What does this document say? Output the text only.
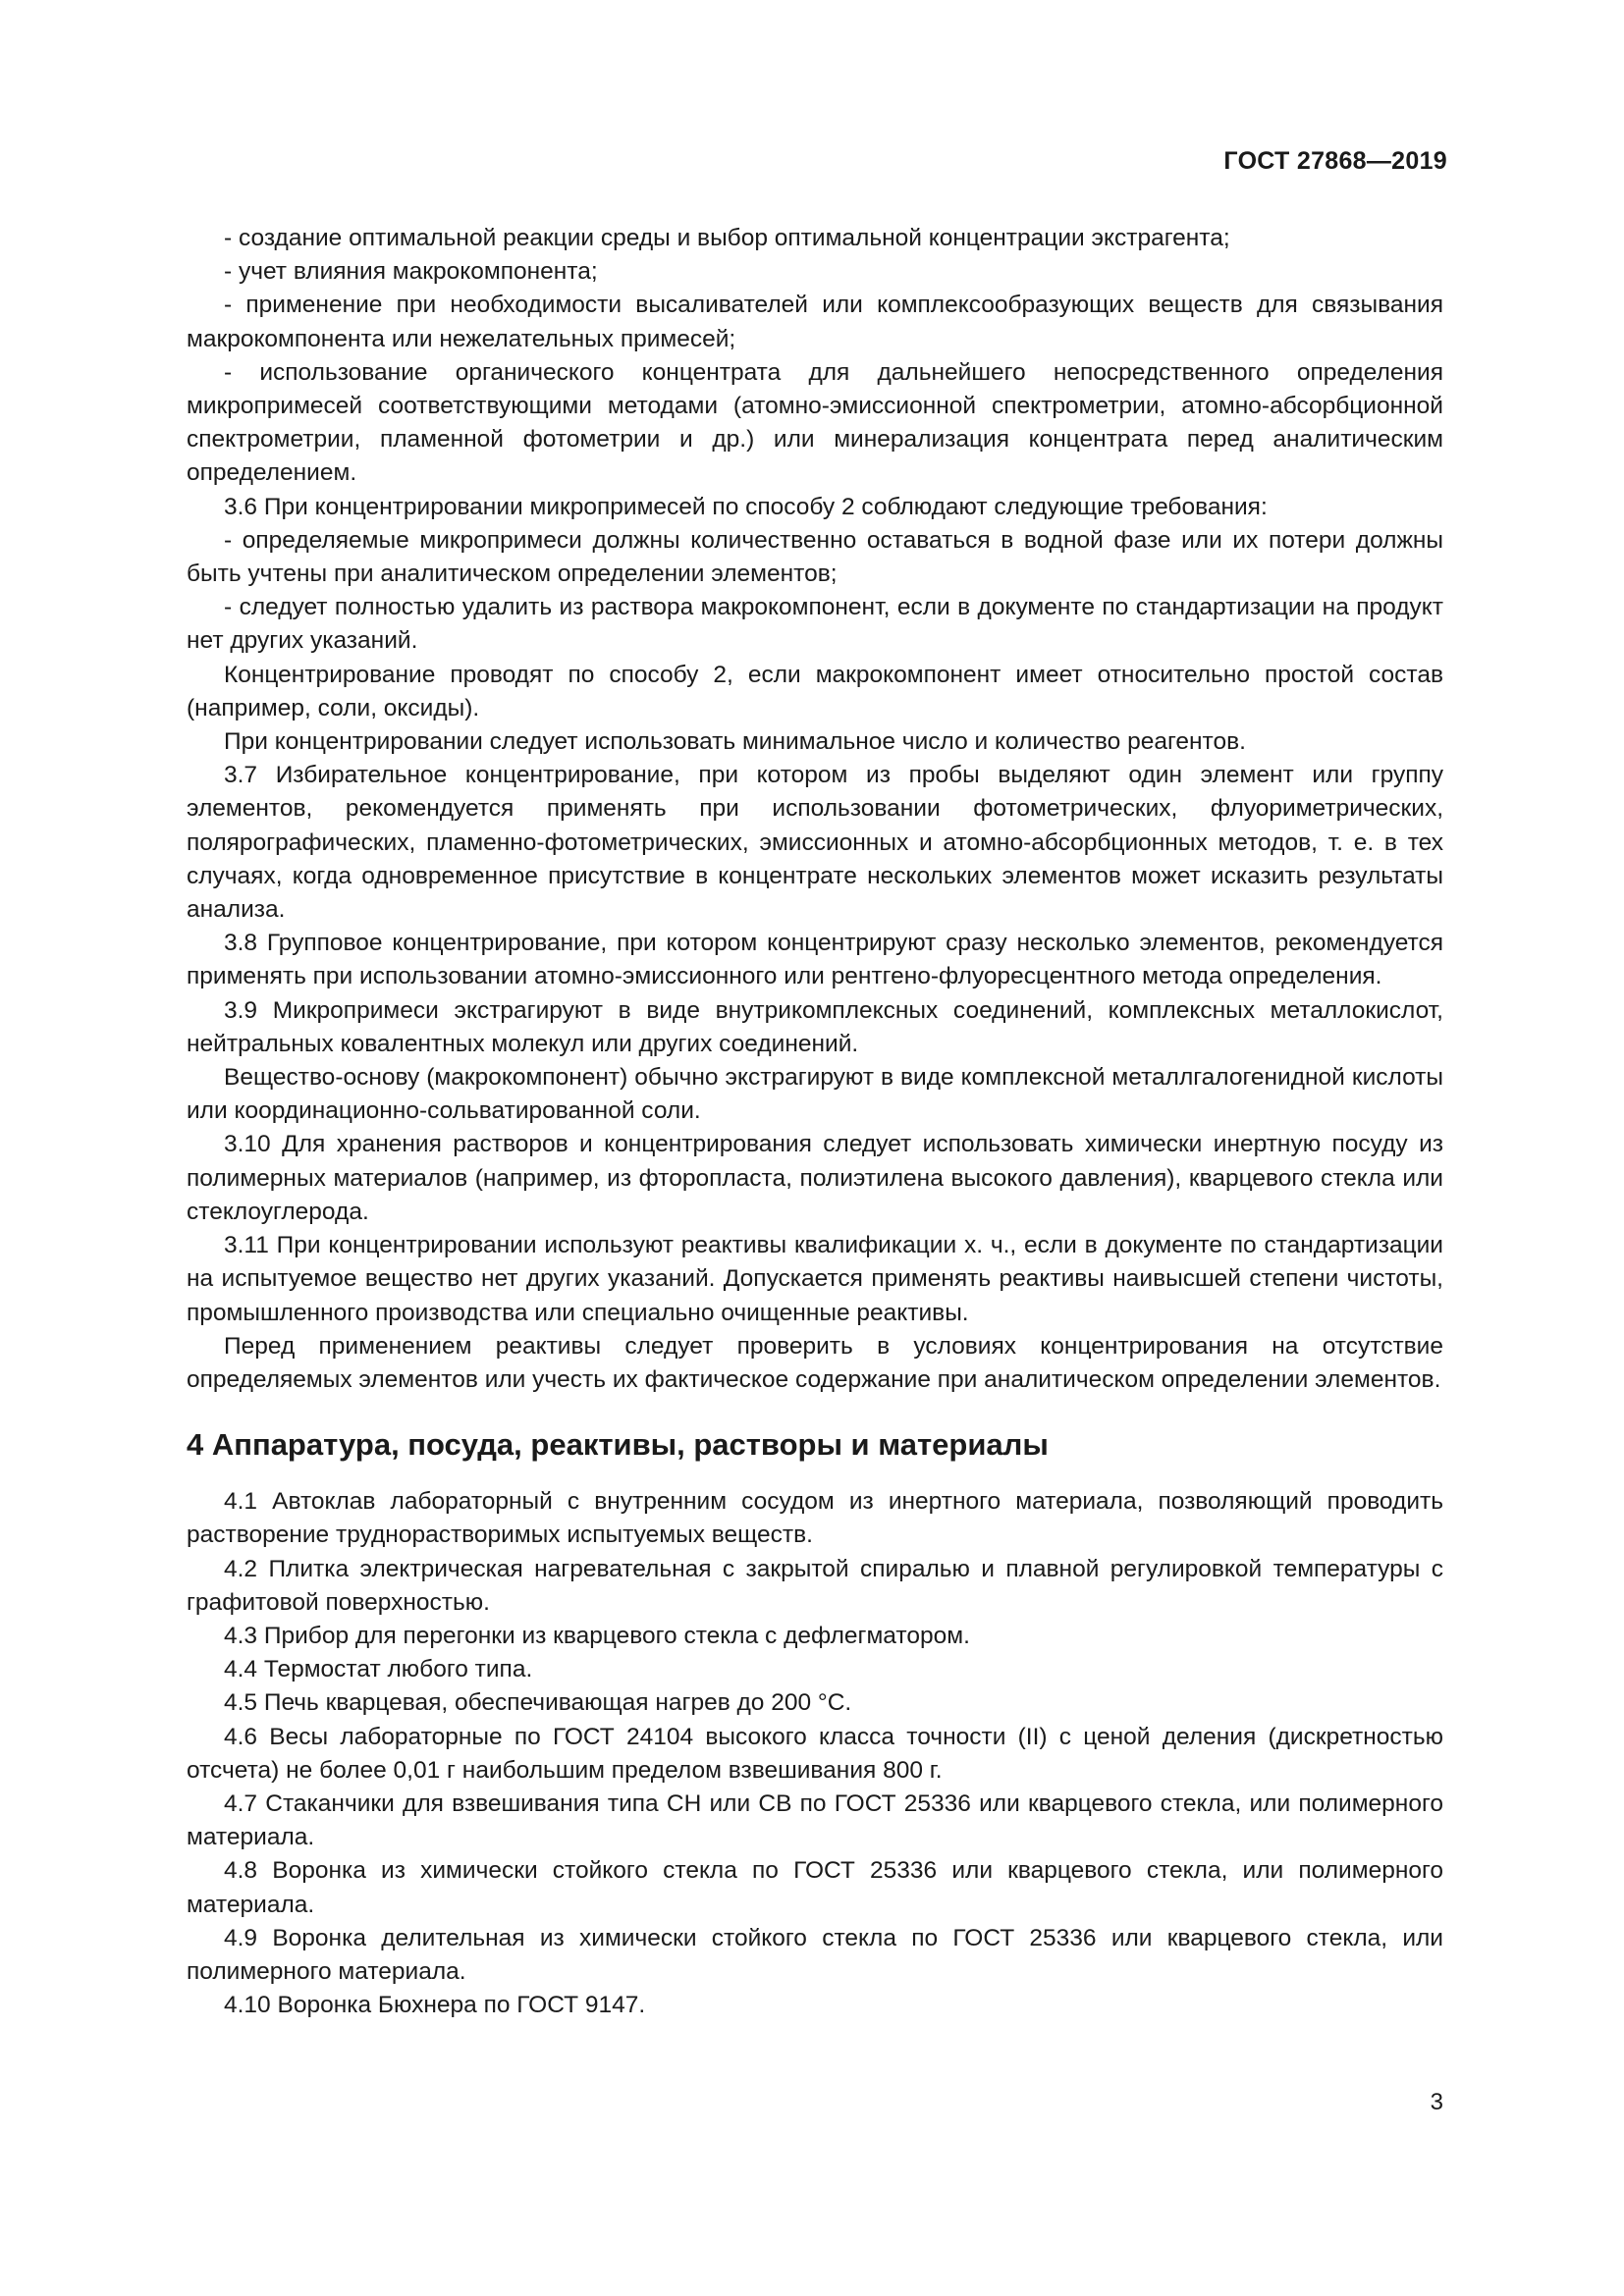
ГОСТ 27868—2019

- создание оптимальной реакции среды и выбор оптимальной концентрации экстрагента;

- учет влияния макрокомпонента;

- применение при необходимости высаливателей или комплексообразующих веществ для связывания макрокомпонента или нежелательных примесей;

- использование органического концентрата для дальнейшего непосредственного определения микропримесей соответствующими методами (атомно-эмиссионной спектрометрии, атомно-абсорбционной спектрометрии, пламенной фотометрии и др.) или минерализация концентрата перед аналитическим определением.

3.6 При концентрировании микропримесей по способу 2 соблюдают следующие требования:

- определяемые микропримеси должны количественно оставаться в водной фазе или их потери должны быть учтены при аналитическом определении элементов;

- следует полностью удалить из раствора макрокомпонент, если в документе по стандартизации на продукт нет других указаний.

Концентрирование проводят по способу 2, если макрокомпонент имеет относительно простой состав (например, соли, оксиды).

При концентрировании следует использовать минимальное число и количество реагентов.

3.7 Избирательное концентрирование, при котором из пробы выделяют один элемент или группу элементов, рекомендуется применять при использовании фотометрических, флуориметрических, полярографических, пламенно-фотометрических, эмиссионных и атомно-абсорбционных методов, т. е. в тех случаях, когда одновременное присутствие в концентрате нескольких элементов может исказить результаты анализа.

3.8 Групповое концентрирование, при котором концентрируют сразу несколько элементов, рекомендуется применять при использовании атомно-эмиссионного или рентгено-флуоресцентного метода определения.

3.9 Микропримеси экстрагируют в виде внутрикомплексных соединений, комплексных металлокислот, нейтральных ковалентных молекул или других соединений.

Вещество-основу (макрокомпонент) обычно экстрагируют в виде комплексной металлгалогенидной кислоты или координационно-сольватированной соли.

3.10 Для хранения растворов и концентрирования следует использовать химически инертную посуду из полимерных материалов (например, из фторопласта, полиэтилена высокого давления), кварцевого стекла или стеклоуглерода.

3.11 При концентрировании используют реактивы квалификации х. ч., если в документе по стандартизации на испытуемое вещество нет других указаний. Допускается применять реактивы наивысшей степени чистоты, промышленного производства или специально очищенные реактивы.

Перед применением реактивы следует проверить в условиях концентрирования на отсутствие определяемых элементов или учесть их фактическое содержание при аналитическом определении элементов.

4 Аппаратура, посуда, реактивы, растворы и материалы

4.1 Автоклав лабораторный с внутренним сосудом из инертного материала, позволяющий проводить растворение труднорастворимых испытуемых веществ.

4.2 Плитка электрическая нагревательная с закрытой спиралью и плавной регулировкой температуры с графитовой поверхностью.

4.3 Прибор для перегонки из кварцевого стекла с дефлегматором.

4.4 Термостат любого типа.

4.5 Печь кварцевая, обеспечивающая нагрев до 200 °С.

4.6 Весы лабораторные по ГОСТ 24104 высокого класса точности (II) с ценой деления (дискретностью отсчета) не более 0,01 г наибольшим пределом взвешивания 800 г.

4.7 Стаканчики для взвешивания типа СН или СВ по ГОСТ 25336 или кварцевого стекла, или полимерного материала.

4.8 Воронка из химически стойкого стекла по ГОСТ 25336 или кварцевого стекла, или полимерного материала.

4.9 Воронка делительная из химически стойкого стекла по ГОСТ 25336 или кварцевого стекла, или полимерного материала.

4.10 Воронка Бюхнера по ГОСТ 9147.

3
